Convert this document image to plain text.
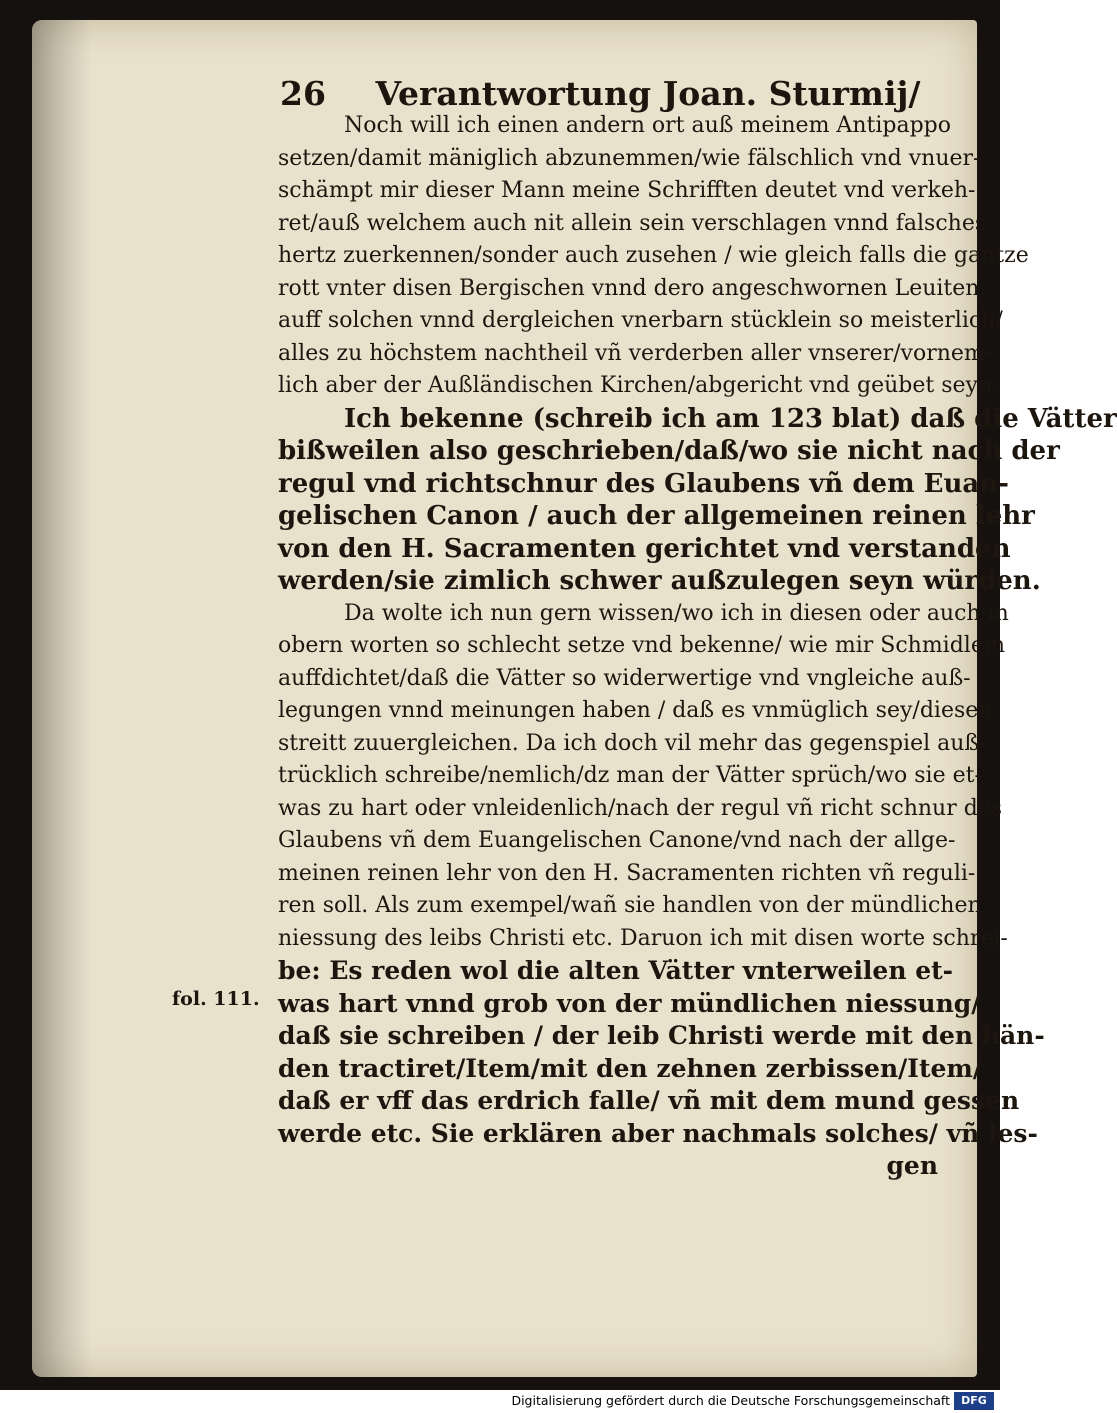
26 Verantwortung Joan. Sturmij/
fol. 111.
Noch will ich einen andern ort auß meinem Antipappo
setzen/damit mäniglich abzunemmen/wie fälschlich vnd vnuer-
schämpt mir dieser Mann meine Schrifften deutet vnd verkeh-
ret/auß welchem auch nit allein sein verschlagen vnnd falsches
hertz zuerkennen/sonder auch zusehen / wie gleich falls die gantze
rott vnter disen Bergischen vnnd dero angeschwornen Leuiten
auff solchen vnnd dergleichen vnerbarn stücklein so meisterlich/
alles zu höchstem nachtheil vñ verderben aller vnserer/vornem-
lich aber der Außländischen Kirchen/abgericht vnd geübet seyn.
Ich bekenne (schreib ich am 123 blat) daß die Vätter
bißweilen also geschrieben/daß/wo sie nicht nach der
regul vnd richtschnur des Glaubens vñ dem Euan-
gelischen Canon / auch der allgemeinen reinen lehr
von den H. Sacramenten gerichtet vnd verstanden
werden/sie zimlich schwer außzulegen seyn würden.
Da wolte ich nun gern wissen/wo ich in diesen oder auch in
obern worten so schlecht setze vnd bekenne/ wie mir Schmidlein
auffdichtet/daß die Vätter so widerwertige vnd vngleiche auß-
legungen vnnd meinungen haben / daß es vnmüglich sey/diesen
streitt zuuergleichen. Da ich doch vil mehr das gegenspiel auß-
trücklich schreibe/nemlich/dz man der Vätter sprüch/wo sie et-
was zu hart oder vnleidenlich/nach der regul vñ richt schnur des
Glaubens vñ dem Euangelischen Canone/vnd nach der allge-
meinen reinen lehr von den H. Sacramenten richten vñ reguli-
ren soll. Als zum exempel/wañ sie handlen von der mündlichen
niessung des leibs Christi etc. Daruon ich mit disen worte schrei-
be: Es reden wol die alten Vätter vnterweilen et-
was hart vnnd grob von der mündlichen niessung/
daß sie schreiben / der leib Christi werde mit den hän-
den tractiret/Item/mit den zehnen zerbissen/Item/
daß er vff das erdrich falle/ vñ mit dem mund gessen
werde etc. Sie erklären aber nachmals solches/ vñ les-
gen
Digitalisierung gefördert durch die Deutsche Forschungsgemeinschaft	DFG
